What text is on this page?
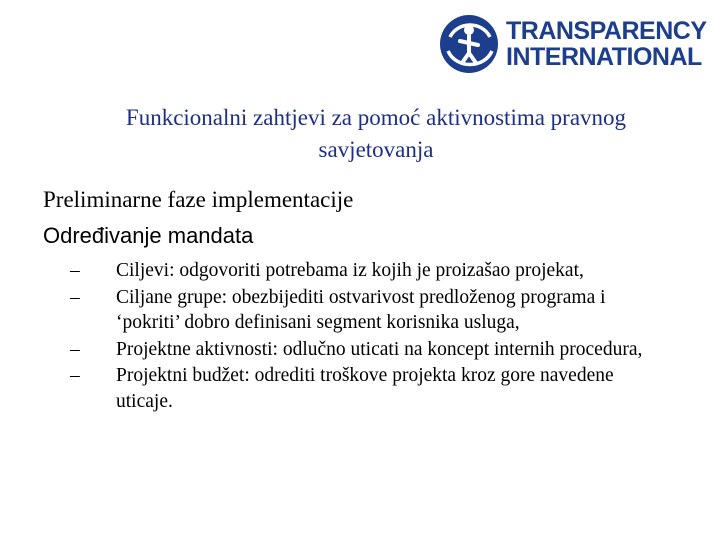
TRANSPARENCY
INTERNATIONAL
Funkcionalni zahtjevi za pomoć aktivnostima pravnog
savjetovanja
Preliminarne faze implementacije
Određivanje mandata
– Ciljevi: odgovoriti potrebama iz kojih je proizašao projekat,
– Ciljane grupe: obezbijediti ostvarivost predloženog programa i ‘pokriti’ dobro definisani segment korisnika usluga,
– Projektne aktivnosti: odlučno uticati na koncept internih procedura,
– Projektni budžet: odrediti troškove projekta kroz gore navedene uticaje.
